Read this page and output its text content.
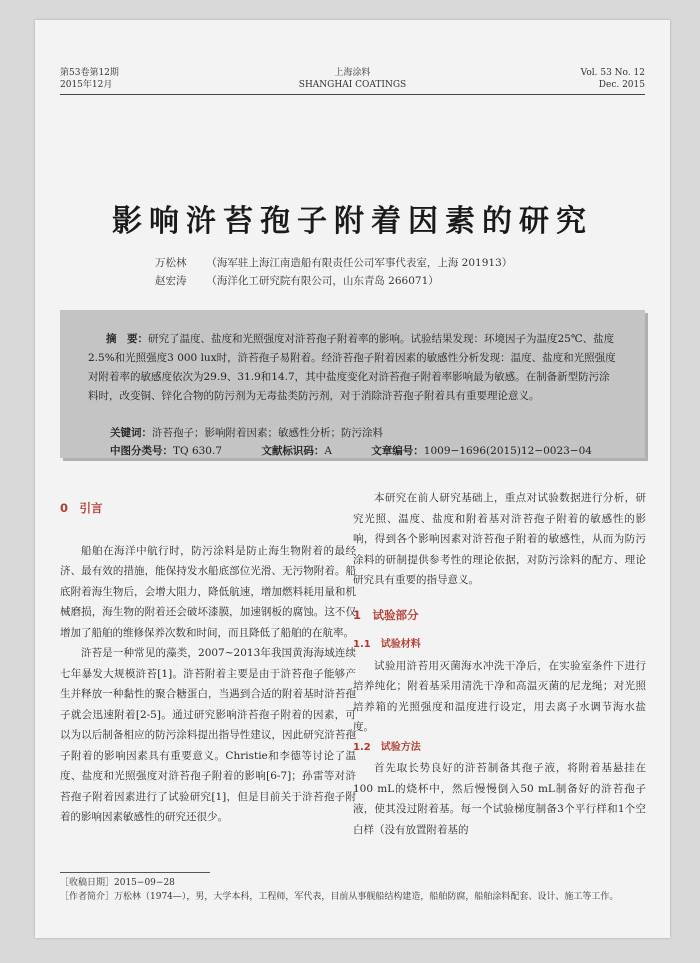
第53卷第12期
2015年12月
上海涂料
SHANGHAI COATINGS
Vol. 53 No. 12
Dec. 2015
影响浒苔孢子附着因素的研究
万松林 （海军驻上海江南造船有限责任公司军事代表室，上海 201913）
赵宏涛 （海洋化工研究院有限公司，山东青岛 266071）
摘　要：研究了温度、盐度和光照强度对浒苔孢子附着率的影响。试验结果发现：环境因子为温度25℃、盐度2.5%和光照强度3 000 lux时，浒苔孢子易附着。经浒苔孢子附着因素的敏感性分析发现：温度、盐度和光照强度对附着率的敏感度依次为29.9、31.9和14.7，其中盐度变化对浒苔孢子附着率影响最为敏感。在制备新型防污涂料时，改变铜、锌化合物的防污剂为无毒盐类防污剂，对于消除浒苔孢子附着具有重要理论意义。
关键词：浒苔孢子；影响附着因素；敏感性分析；防污涂料
中图分类号：TQ 630.7	文献标识码：A	文章编号：1009−1696(2015)12−0023−04
0　引言

船舶在海洋中航行时，防污涂料是防止海生物附着的最经济、最有效的措施，能保持发水船底部位光滑、无污物附着。船底附着海生物后，会增大阻力，降低航速，增加燃料耗用量和机械磨损，海生物的附着还会破坏漆膜，加速钢板的腐蚀。这不仅增加了船舶的维修保养次数和时间，而且降低了船舶的在航率。

浒苔是一种常见的藻类，2007~2013年我国黄海海域连续七年暴发大规模浒苔[1]。浒苔附着主要是由于浒苔孢子能够产生并释放一种黏性的聚合糖蛋白，当遇到合适的附着基时浒苔孢子就会迅速附着[2-5]。通过研究影响浒苔孢子附着的因素，可以为以后制备相应的防污涂料提出指导性建议，因此研究浒苔孢子附着的影响因素具有重要意义。Christie和李德等讨论了温度、盐度和光照强度对浒苔孢子附着的影响[6-7]；孙雷等对浒苔孢子附着因素进行了试验研究[1]，但是目前关于浒苔孢子附着的影响因素敏感性的研究还很少。

本研究在前人研究基础上，重点对试验数据进行分析，研究光照、温度、盐度和附着基对浒苔孢子附着的敏感性的影响，得到各个影响因素对浒苔孢子附着的敏感性，从而为防污涂料的研制提供参考性的理论依据，对防污涂料的配方、理论研究具有重要的指导意义。

1　试验部分
1.1　试验材料

试验用浒苔用灭菌海水冲洗干净后，在实验室条件下进行培养纯化；附着基采用清洗干净和高温灭菌的尼龙绳；对光照培养箱的光照强度和温度进行设定，用去离子水调节海水盐度。

1.2　试验方法

首先取长势良好的浒苔制备其孢子液，将附着基悬挂在100 mL的烧杯中，然后慢慢倒入50 mL制备好的浒苔孢子液，使其没过附着基。每一个试验梯度制备3个平行样和1个空白样（没有放置附着基的

［收稿日期］2015−09−28
［作者简介］万松林（1974—），男，大学本科，工程师，军代表，目前从事舰船结构建造，船舶防腐，船舶涂料配套、设计、施工等工作。
